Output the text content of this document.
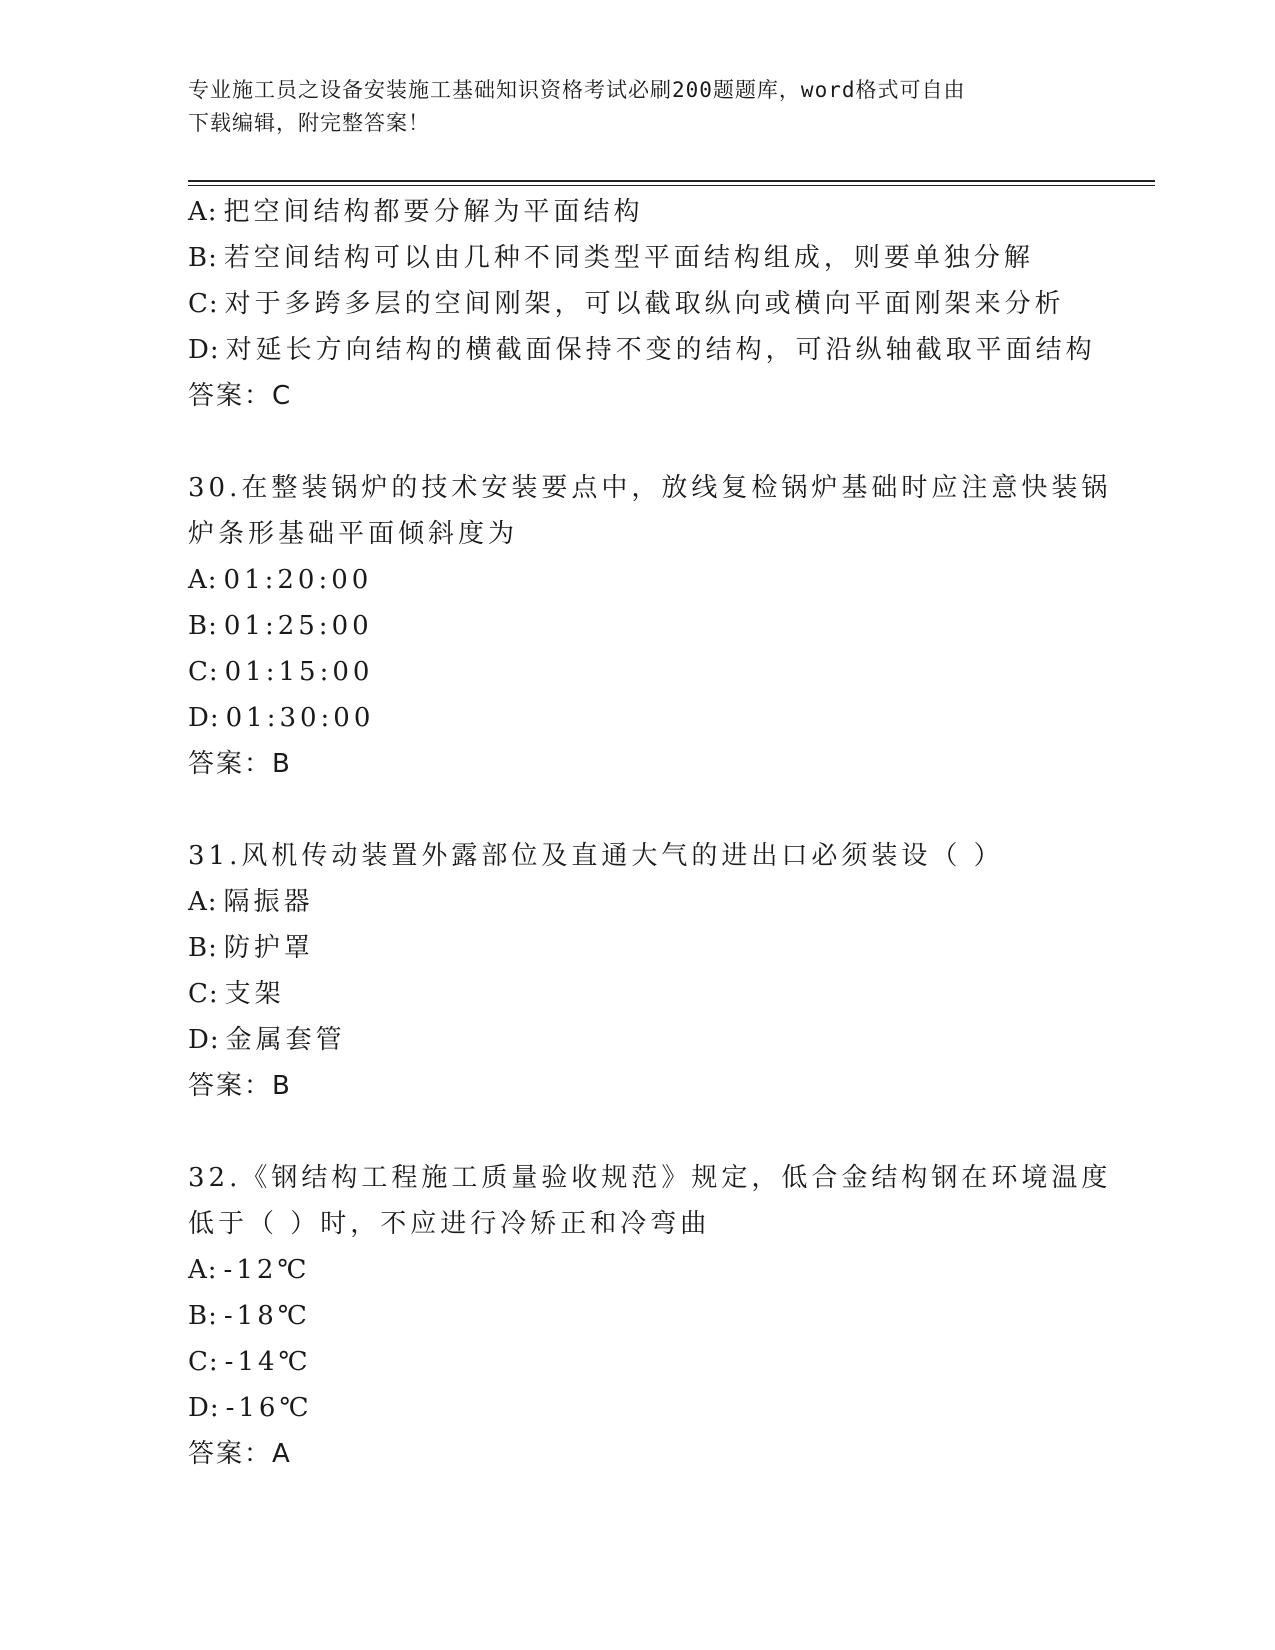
专业施工员之设备安装施工基础知识资格考试必刷200题题库，word格式可自由
下载编辑，附完整答案！
A: 把空间结构都要分解为平面结构
B: 若空间结构可以由几种不同类型平面结构组成，则要单独分解
C: 对于多跨多层的空间刚架，可以截取纵向或横向平面刚架来分析
D: 对延长方向结构的横截面保持不变的结构，可沿纵轴截取平面结构
答案：C
30.在整装锅炉的技术安装要点中，放线复检锅炉基础时应注意快装锅
炉条形基础平面倾斜度为
A: 01:20:00
B: 01:25:00
C: 01:15:00
D: 01:30:00
答案：B
31.风机传动装置外露部位及直通大气的进出口必须装设（ ）
A: 隔振器
B: 防护罩
C: 支架
D: 金属套管
答案：B
32.《钢结构工程施工质量验收规范》规定，低合金结构钢在环境温度
低于（ ）时，不应进行冷矫正和冷弯曲
A: -12℃
B: -18℃
C: -14℃
D: -16℃
答案：A
